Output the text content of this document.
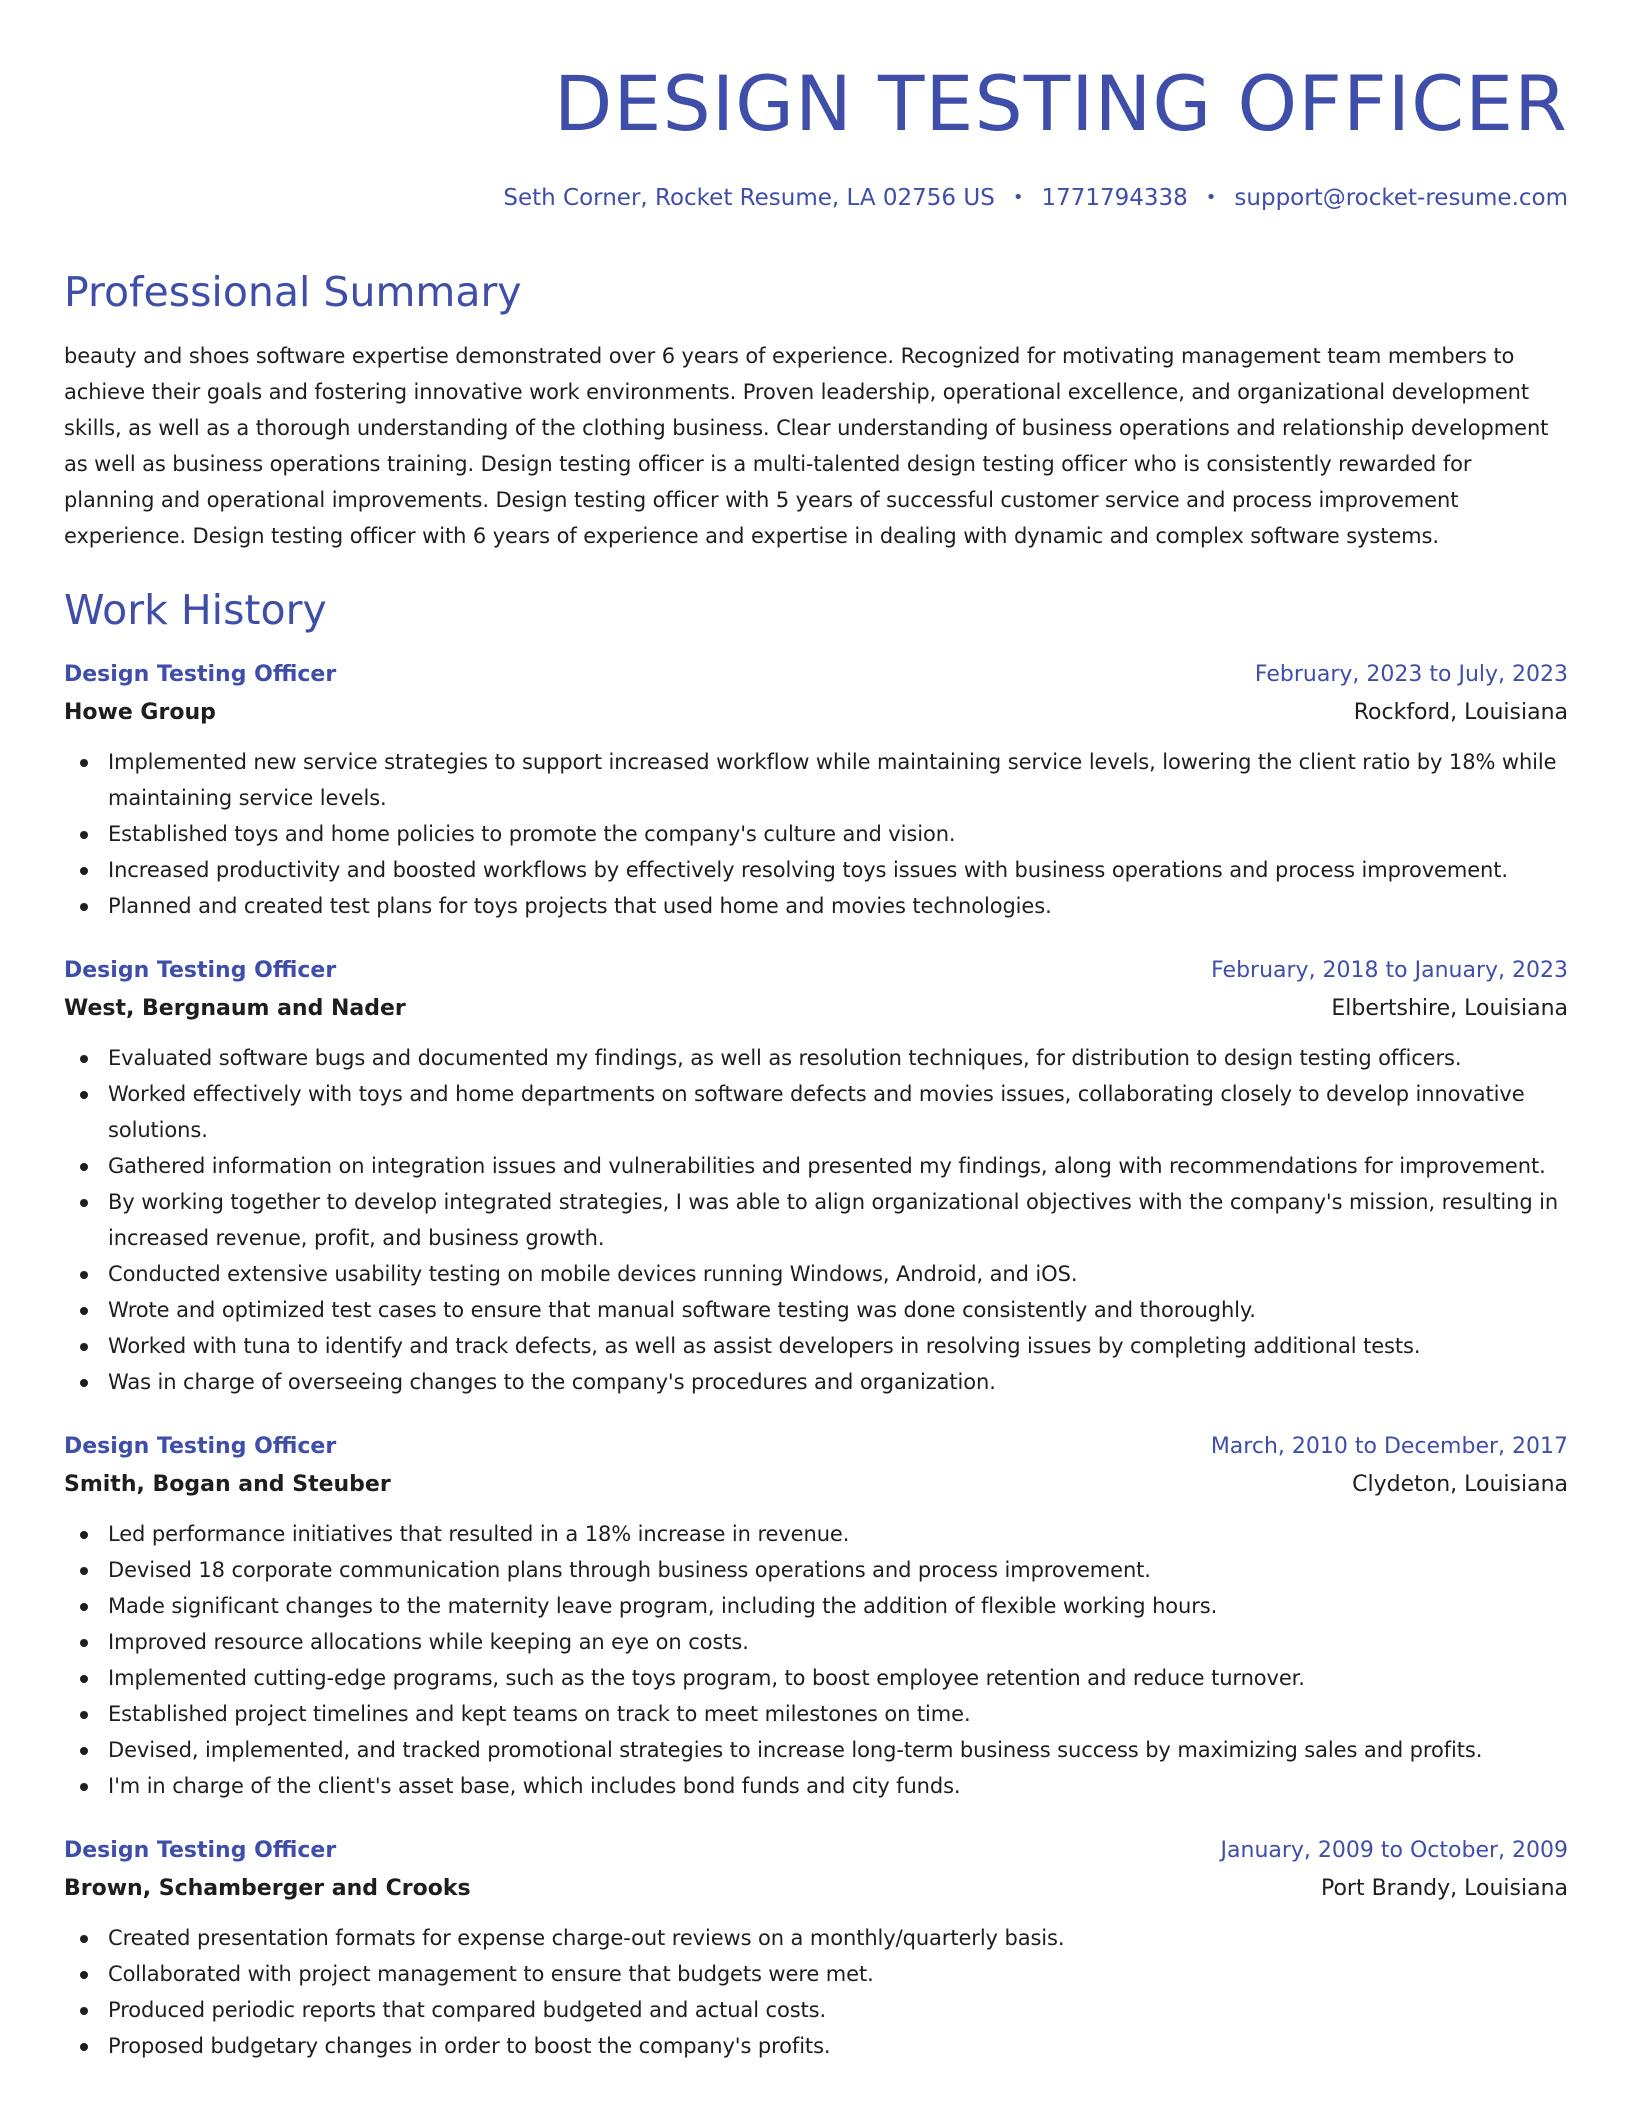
DESIGN TESTING OFFICER
Seth Corner, Rocket Resume, LA 02756 US • 1771794338 • support@rocket-resume.com
Professional Summary

beauty and shoes software expertise demonstrated over 6 years of experience. Recognized for motivating management team members to achieve their goals and fostering innovative work environments. Proven leadership, operational excellence, and organizational development skills, as well as a thorough understanding of the clothing business. Clear understanding of business operations and relationship development as well as business operations training. Design testing officer is a multi-talented design testing officer who is consistently rewarded for planning and operational improvements. Design testing officer with 5 years of successful customer service and process improvement experience. Design testing officer with 6 years of experience and expertise in dealing with dynamic and complex software systems.

Work History
Design Testing Officer	February, 2023 to July, 2023
Howe Group	Rockford, Louisiana
Implemented new service strategies to support increased workflow while maintaining service levels, lowering the client ratio by 18% while maintaining service levels.
Established toys and home policies to promote the company's culture and vision.
Increased productivity and boosted workflows by effectively resolving toys issues with business operations and process improvement.
Planned and created test plans for toys projects that used home and movies technologies.
Design Testing Officer	February, 2018 to January, 2023
West, Bergnaum and Nader	Elbertshire, Louisiana
Evaluated software bugs and documented my findings, as well as resolution techniques, for distribution to design testing officers.
Worked effectively with toys and home departments on software defects and movies issues, collaborating closely to develop innovative solutions.
Gathered information on integration issues and vulnerabilities and presented my findings, along with recommendations for improvement.
By working together to develop integrated strategies, I was able to align organizational objectives with the company's mission, resulting in increased revenue, profit, and business growth.
Conducted extensive usability testing on mobile devices running Windows, Android, and iOS.
Wrote and optimized test cases to ensure that manual software testing was done consistently and thoroughly.
Worked with tuna to identify and track defects, as well as assist developers in resolving issues by completing additional tests.
Was in charge of overseeing changes to the company's procedures and organization.
Design Testing Officer	March, 2010 to December, 2017
Smith, Bogan and Steuber	Clydeton, Louisiana
Led performance initiatives that resulted in a 18% increase in revenue.
Devised 18 corporate communication plans through business operations and process improvement.
Made significant changes to the maternity leave program, including the addition of flexible working hours.
Improved resource allocations while keeping an eye on costs.
Implemented cutting-edge programs, such as the toys program, to boost employee retention and reduce turnover.
Established project timelines and kept teams on track to meet milestones on time.
Devised, implemented, and tracked promotional strategies to increase long-term business success by maximizing sales and profits.
I'm in charge of the client's asset base, which includes bond funds and city funds.
Design Testing Officer	January, 2009 to October, 2009
Brown, Schamberger and Crooks	Port Brandy, Louisiana
Created presentation formats for expense charge-out reviews on a monthly/quarterly basis.
Collaborated with project management to ensure that budgets were met.
Produced periodic reports that compared budgeted and actual costs.
Proposed budgetary changes in order to boost the company's profits.
